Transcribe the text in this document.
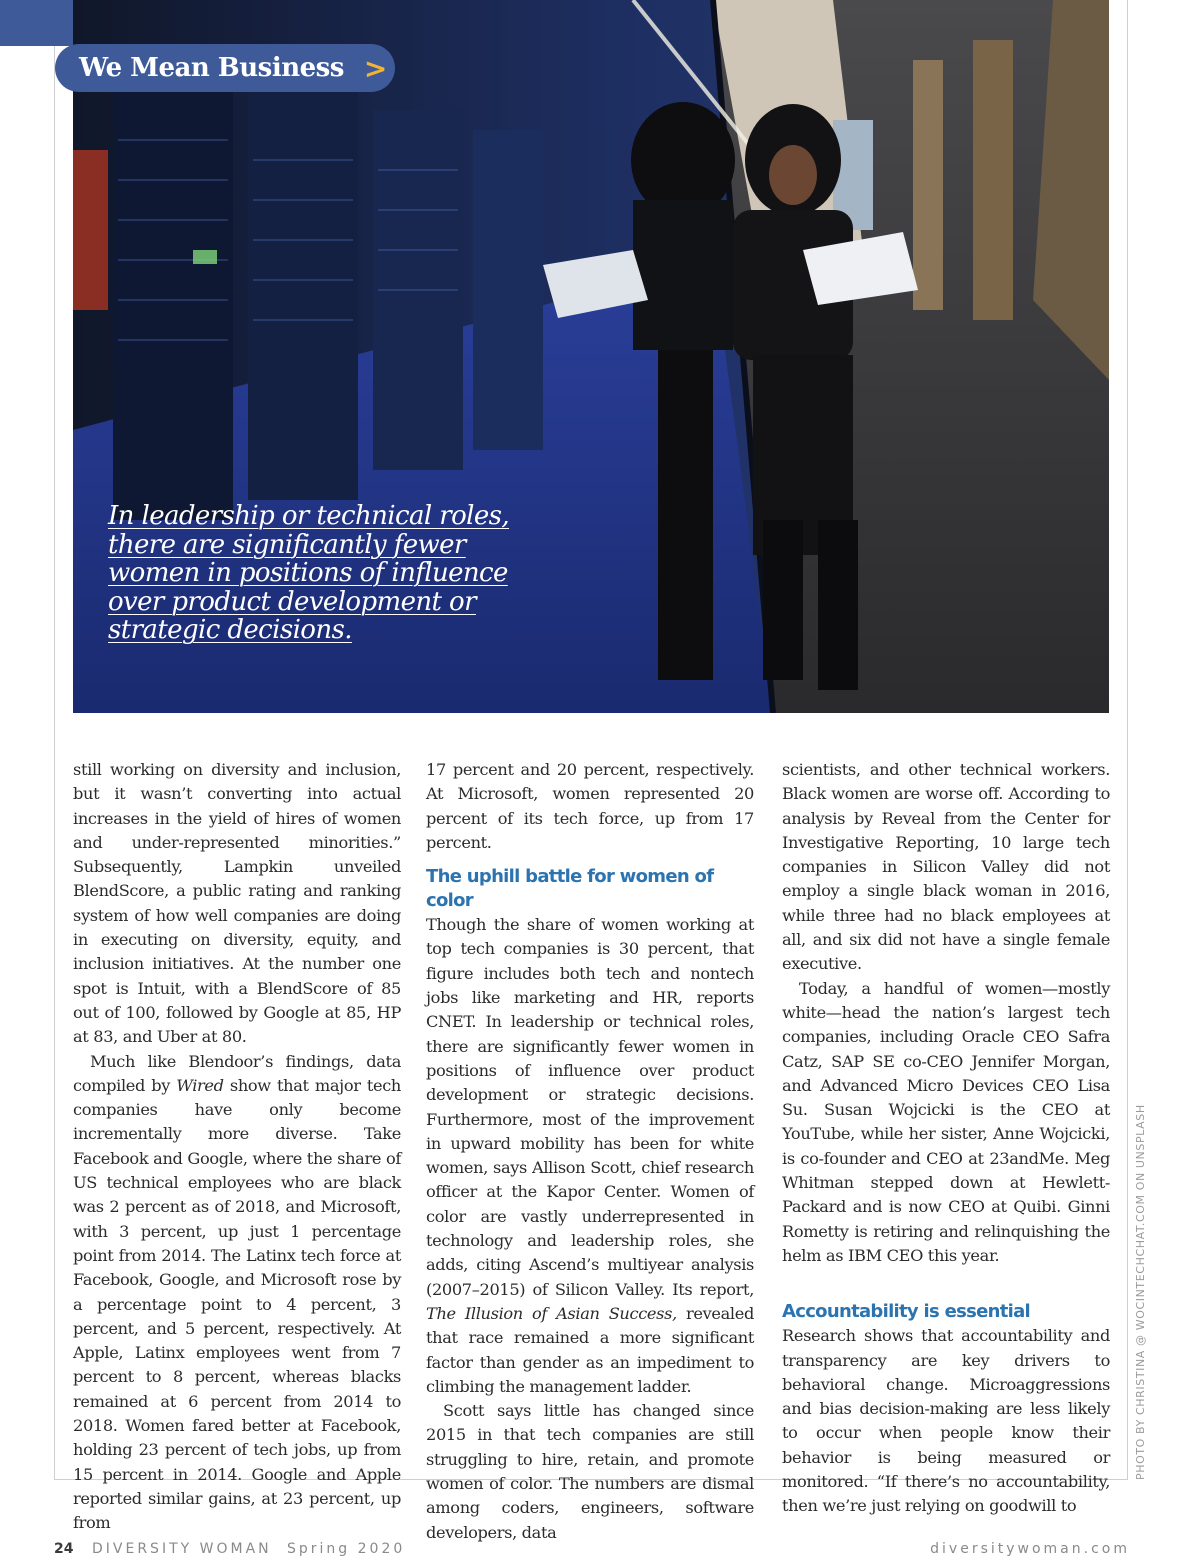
We Mean Business >
In leadership or technical roles, there are significantly fewer women in positions of influence over product development or strategic decisions.

still working on diversity and inclusion, but it wasn’t converting into actual increases in the yield of hires of women and under-represented minorities.” Subsequently, Lampkin unveiled BlendScore, a public rating and ranking system of how well companies are doing in executing on diversity, equity, and inclusion initiatives. At the number one spot is Intuit, with a BlendScore of 85 out of 100, followed by Google at 85, HP at 83, and Uber at 80.

Much like Blendoor’s findings, data compiled by Wired show that major tech companies have only become incrementally more diverse. Take Facebook and Google, where the share of US technical employees who are black was 2 percent as of 2018, and Microsoft, with 3 percent, up just 1 percentage point from 2014. The Latinx tech force at Facebook, Google, and Microsoft rose by a percentage point to 4 percent, 3 percent, and 5 percent, respectively. At Apple, Latinx employees went from 7 percent to 8 percent, whereas blacks remained at 6 percent from 2014 to 2018. Women fared better at Facebook, holding 23 percent of tech jobs, up from 15 percent in 2014. Google and Apple reported similar gains, at 23 percent, up from

17 percent and 20 percent, respectively. At Microsoft, women represented 20 percent of its tech force, up from 17 percent.

The uphill battle for women of color

Though the share of women working at top tech companies is 30 percent, that figure includes both tech and nontech jobs like marketing and HR, reports CNET. In leadership or technical roles, there are significantly fewer women in positions of influence over product development or strategic decisions. Furthermore, most of the improvement in upward mobility has been for white women, says Allison Scott, chief research officer at the Kapor Center. Women of color are vastly underrepresented in technology and leadership roles, she adds, citing Ascend’s multiyear analysis (2007–2015) of Silicon Valley. Its report, The Illusion of Asian Success, revealed that race remained a more significant factor than gender as an impediment to climbing the management ladder.

Scott says little has changed since 2015 in that tech companies are still struggling to hire, retain, and promote women of color. The numbers are dismal among coders, engineers, software developers, data

scientists, and other technical workers. Black women are worse off. According to analysis by Reveal from the Center for Investigative Reporting, 10 large tech companies in Silicon Valley did not employ a single black woman in 2016, while three had no black employees at all, and six did not have a single female executive.

Today, a handful of women—mostly white—head the nation’s largest tech companies, including Oracle CEO Safra Catz, SAP SE co-CEO Jennifer Morgan, and Advanced Micro Devices CEO Lisa Su. Susan Wojcicki is the CEO at YouTube, while her sister, Anne Wojcicki, is co-founder and CEO at 23andMe. Meg Whitman stepped down at Hewlett-Packard and is now CEO at Quibi. Ginni Rometty is retiring and relinquishing the helm as IBM CEO this year.

Accountability is essential

Research shows that accountability and transparency are key drivers to behavioral change. Microaggressions and bias decision-making are less likely to occur when people know their behavior is being measured or monitored. “If there’s no accountability, then we’re just relying on goodwill to

PHOTO BY CHRISTINA @ WOCINTECHCHAT.COM ON UNSPLASH
24 DIVERSITY WOMAN Spring 2020	diversitywoman.com
